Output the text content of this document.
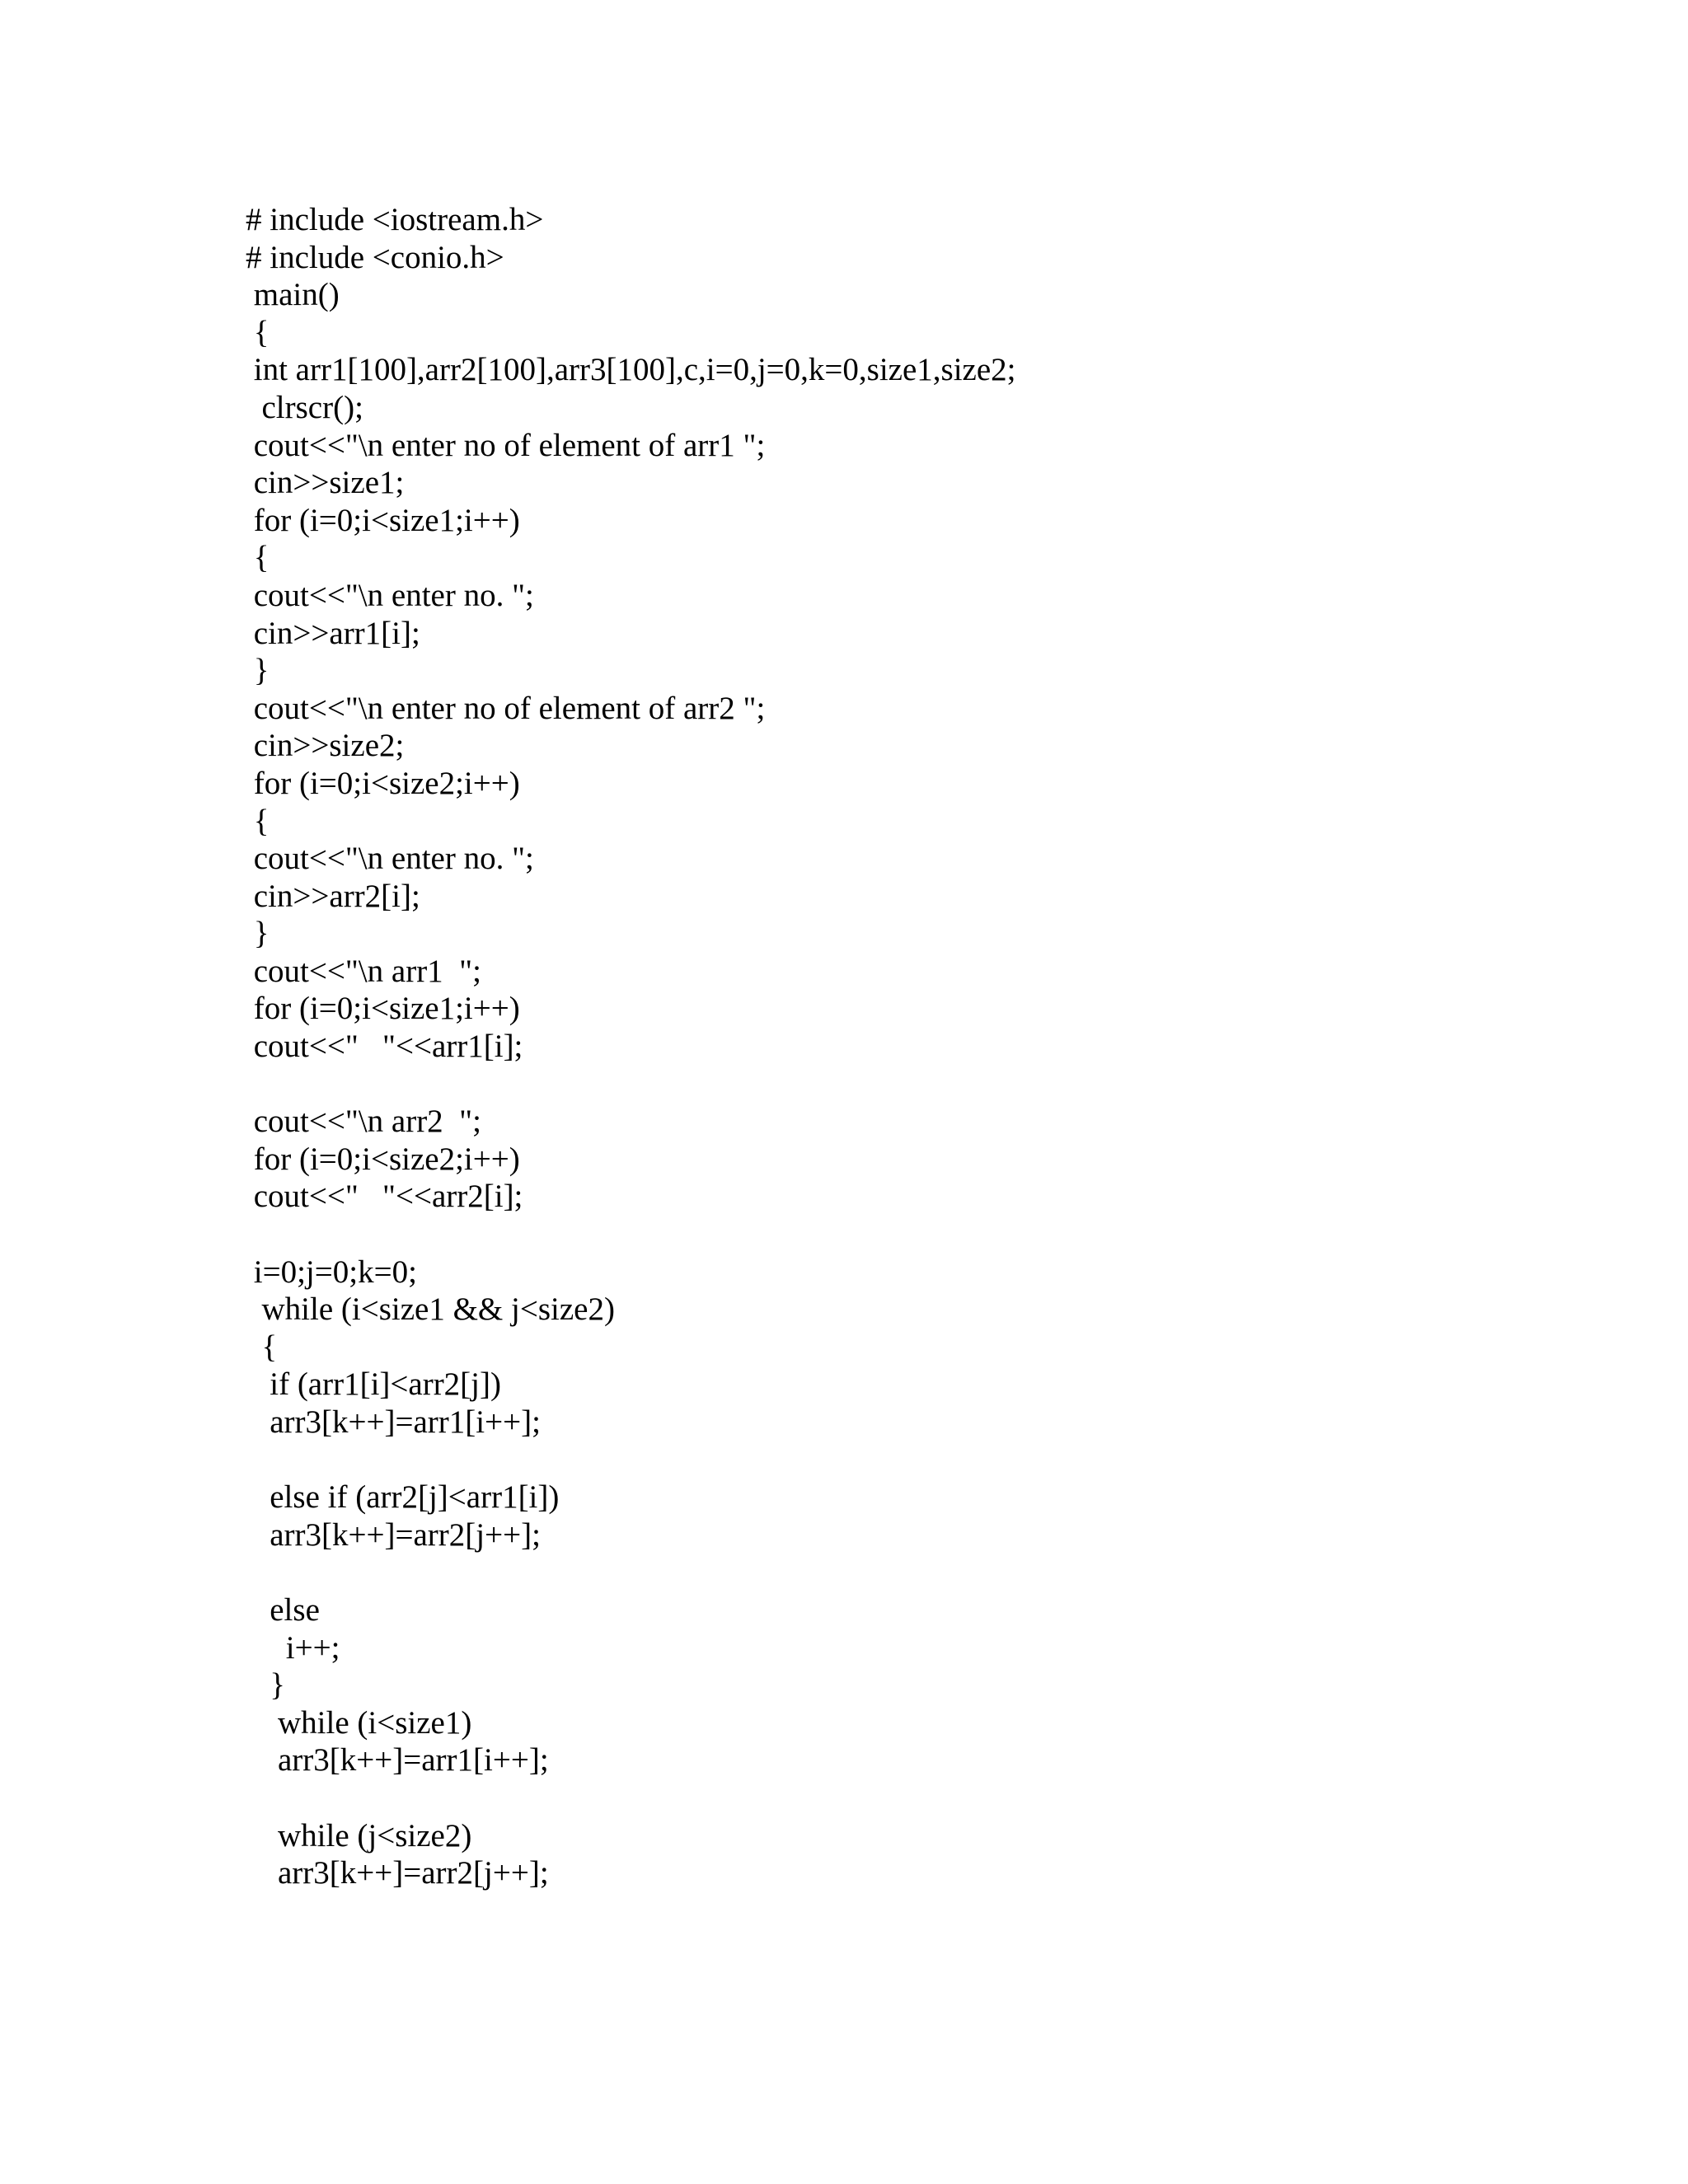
# include <iostream.h>
# include <conio.h>
main()
{
int arr1[100],arr2[100],arr3[100],c,i=0,j=0,k=0,size1,size2;
clrscr();
cout<<"\n enter no of element of arr1 ";
cin>>size1;
for (i=0;i<size1;i++)
{
cout<<"\n enter no. ";
cin>>arr1[i];
}
cout<<"\n enter no of element of arr2 ";
cin>>size2;
for (i=0;i<size2;i++)
{
cout<<"\n enter no. ";
cin>>arr2[i];
}
cout<<"\n arr1  ";
for (i=0;i<size1;i++)
cout<<"   "<<arr1[i];
cout<<"\n arr2  ";
for (i=0;i<size2;i++)
cout<<"   "<<arr2[i];
i=0;j=0;k=0;
while (i<size1 && j<size2)
{
if (arr1[i]<arr2[j])
arr3[k++]=arr1[i++];
else if (arr2[j]<arr1[i])
arr3[k++]=arr2[j++];
else
i++;
}
while (i<size1)
arr3[k++]=arr1[i++];
while (j<size2)
arr3[k++]=arr2[j++];
